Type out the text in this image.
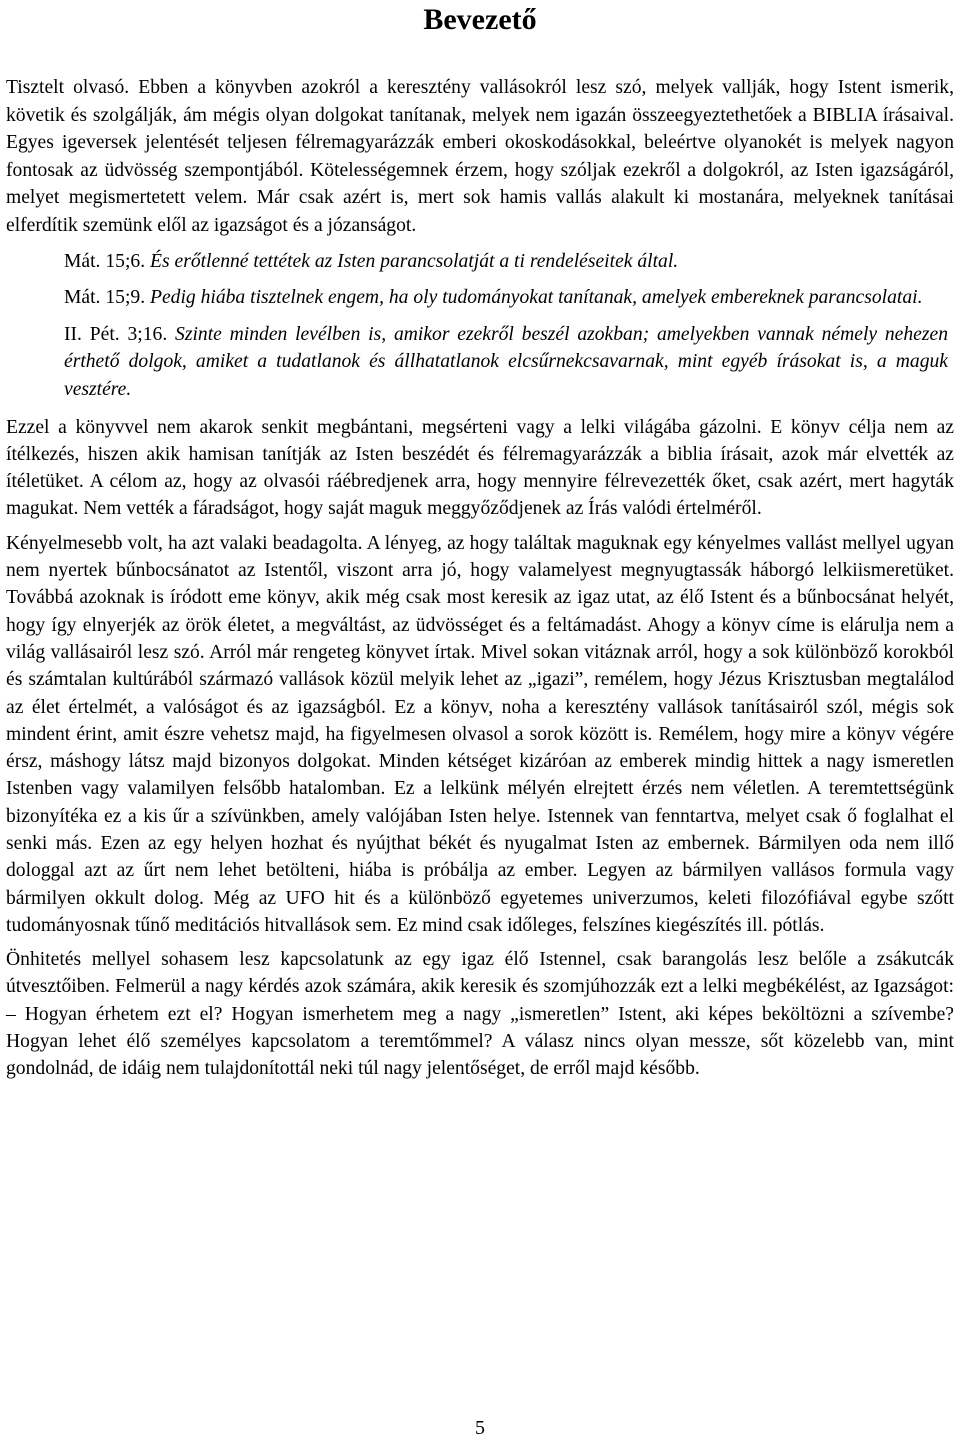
Bevezető

Tisztelt olvasó. Ebben a könyvben azokról a keresztény vallásokról lesz szó, melyek vallják, hogy Istent ismerik, követik és szolgálják, ám mégis olyan dolgokat tanítanak, melyek nem igazán összeegyeztethetőek a BIBLIA írásaival. Egyes igeversek jelentését teljesen félremagyarázzák emberi okoskodásokkal, beleértve olyanokét is melyek nagyon fontosak az üdvösség szempontjából. Kötelességemnek érzem, hogy szóljak ezekről a dolgokról, az Isten igazságáról, melyet megismertetett velem. Már csak azért is, mert sok hamis vallás alakult ki mostanára, melyeknek tanításai elferdítik szemünk elől az igazságot és a józanságot.

Mát. 15;6. És erőtlenné tettétek az Isten parancsolatját a ti rendeléseitek által.

Mát. 15;9. Pedig hiába tisztelnek engem, ha oly tudományokat tanítanak, amelyek embereknek parancsolatai.

II. Pét. 3;16. Szinte minden levélben is, amikor ezekről beszél azokban; amelyekben vannak némely nehezen érthető dolgok, amiket a tudatlanok és állhatatlanok elcsűrnekcsavarnak, mint egyéb írásokat is, a maguk vesztére.

Ezzel a könyvvel nem akarok senkit megbántani, megsérteni vagy a lelki világába gázolni. E könyv célja nem az ítélkezés, hiszen akik hamisan tanítják az Isten beszédét és félremagyarázzák a biblia írásait, azok már elvették az ítéletüket. A célom az, hogy az olvasói ráébredjenek arra, hogy mennyire félrevezették őket, csak azért, mert hagyták magukat. Nem vették a fáradságot, hogy saját maguk meggyőződjenek az Írás valódi értelméről.

Kényelmesebb volt, ha azt valaki beadagolta. A lényeg, az hogy találtak maguknak egy kényelmes vallást mellyel ugyan nem nyertek bűnbocsánatot az Istentől, viszont arra jó, hogy valamelyest megnyugtassák háborgó lelkiismeretüket. Továbbá azoknak is íródott eme könyv, akik még csak most keresik az igaz utat, az élő Istent és a bűnbocsánat helyét, hogy így elnyerjék az örök életet, a megváltást, az üdvösséget és a feltámadást. Ahogy a könyv címe is elárulja nem a világ vallásairól lesz szó. Arról már rengeteg könyvet írtak. Mivel sokan vitáznak arról, hogy a sok különböző korokból és számtalan kultúrából származó vallások közül melyik lehet az „igazi”, remélem, hogy Jézus Krisztusban megtalálod az élet értelmét, a valóságot és az igazságból. Ez a könyv, noha a keresztény vallások tanításairól szól, mégis sok mindent érint, amit észre vehetsz majd, ha figyelmesen olvasol a sorok között is. Remélem, hogy mire a könyv végére érsz, máshogy látsz majd bizonyos dolgokat. Minden kétséget kizáróan az emberek mindig hittek a nagy ismeretlen Istenben vagy valamilyen felsőbb hatalomban. Ez a lelkünk mélyén elrejtett érzés nem véletlen. A teremtettségünk bizonyítéka ez a kis űr a szívünkben, amely valójában Isten helye. Istennek van fenntartva, melyet csak ő foglalhat el senki más. Ezen az egy helyen hozhat és nyújthat békét és nyugalmat Isten az embernek. Bármilyen oda nem illő dologgal azt az űrt nem lehet betölteni, hiába is próbálja az ember. Legyen az bármilyen vallásos formula vagy bármilyen okkult dolog. Még az UFO hit és a különböző egyetemes univerzumos, keleti filozófiával egybe szőtt tudományosnak tűnő meditációs hitvallások sem. Ez mind csak időleges, felszínes kiegészítés ill. pótlás.

Önhitetés mellyel sohasem lesz kapcsolatunk az egy igaz élő Istennel, csak barangolás lesz belőle a zsákutcák útvesztőiben. Felmerül a nagy kérdés azok számára, akik keresik és szomjúhozzák ezt a lelki megbékélést, az Igazságot: – Hogyan érhetem ezt el? Hogyan ismerhetem meg a nagy „ismeretlen” Istent, aki képes beköltözni a szívembe? Hogyan lehet élő személyes kapcsolatom a teremtőmmel? A válasz nincs olyan messze, sőt közelebb van, mint gondolnád, de idáig nem tulajdonítottál neki túl nagy jelentőséget, de erről majd később.

5
